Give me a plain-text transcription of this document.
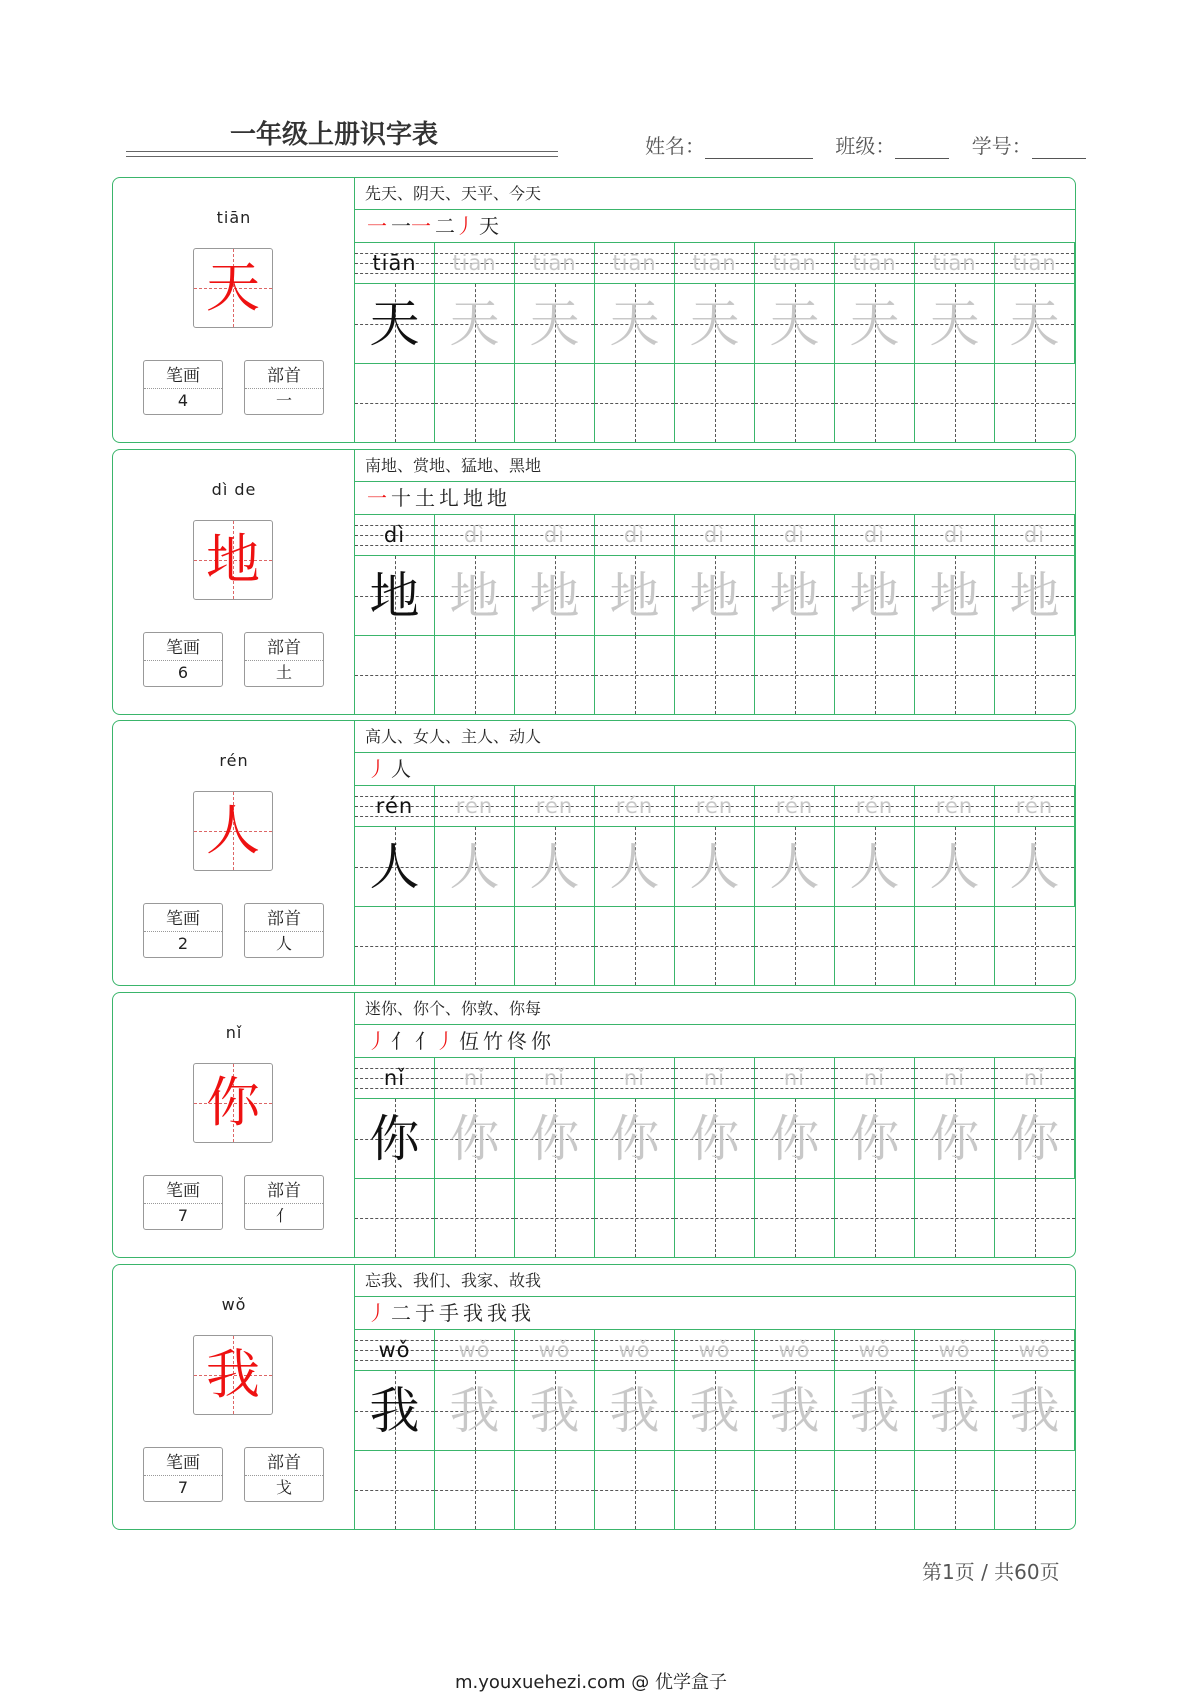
一年级上册识字表	姓名：	班级：	学号：
tiān
天
笔画
4
部首
一
先天、阴天、天平、今天
一 一一 二丿 天
tiān
天
tiān
天
tiān
天
tiān
天
tiān
天
tiān
天
tiān
天
tiān
天
tiān
天
dì de
地
笔画
6
部首
土
南地、赏地、猛地、黑地
一 十 土 圠 地 地
dì
地
dì
地
dì
地
dì
地
dì
地
dì
地
dì
地
dì
地
dì
地
rén
人
笔画
2
部首
人
高人、女人、主人、动人
丿 人
rén
人
rén
人
rén
人
rén
人
rén
人
rén
人
rén
人
rén
人
rén
人
nǐ
你
笔画
7
部首
亻
迷你、你个、你敦、你每
丿 亻 亻丿 仾 竹 佟 你
nǐ
你
nǐ
你
nǐ
你
nǐ
你
nǐ
你
nǐ
你
nǐ
你
nǐ
你
nǐ
你
wǒ
我
笔画
7
部首
戈
忘我、我们、我家、故我
丿 二 于 手 我 我 我
wǒ
我
wǒ
我
wǒ
我
wǒ
我
wǒ
我
wǒ
我
wǒ
我
wǒ
我
wǒ
我
第1页 / 共60页
m.youxuehezi.com @ 优学盒子
